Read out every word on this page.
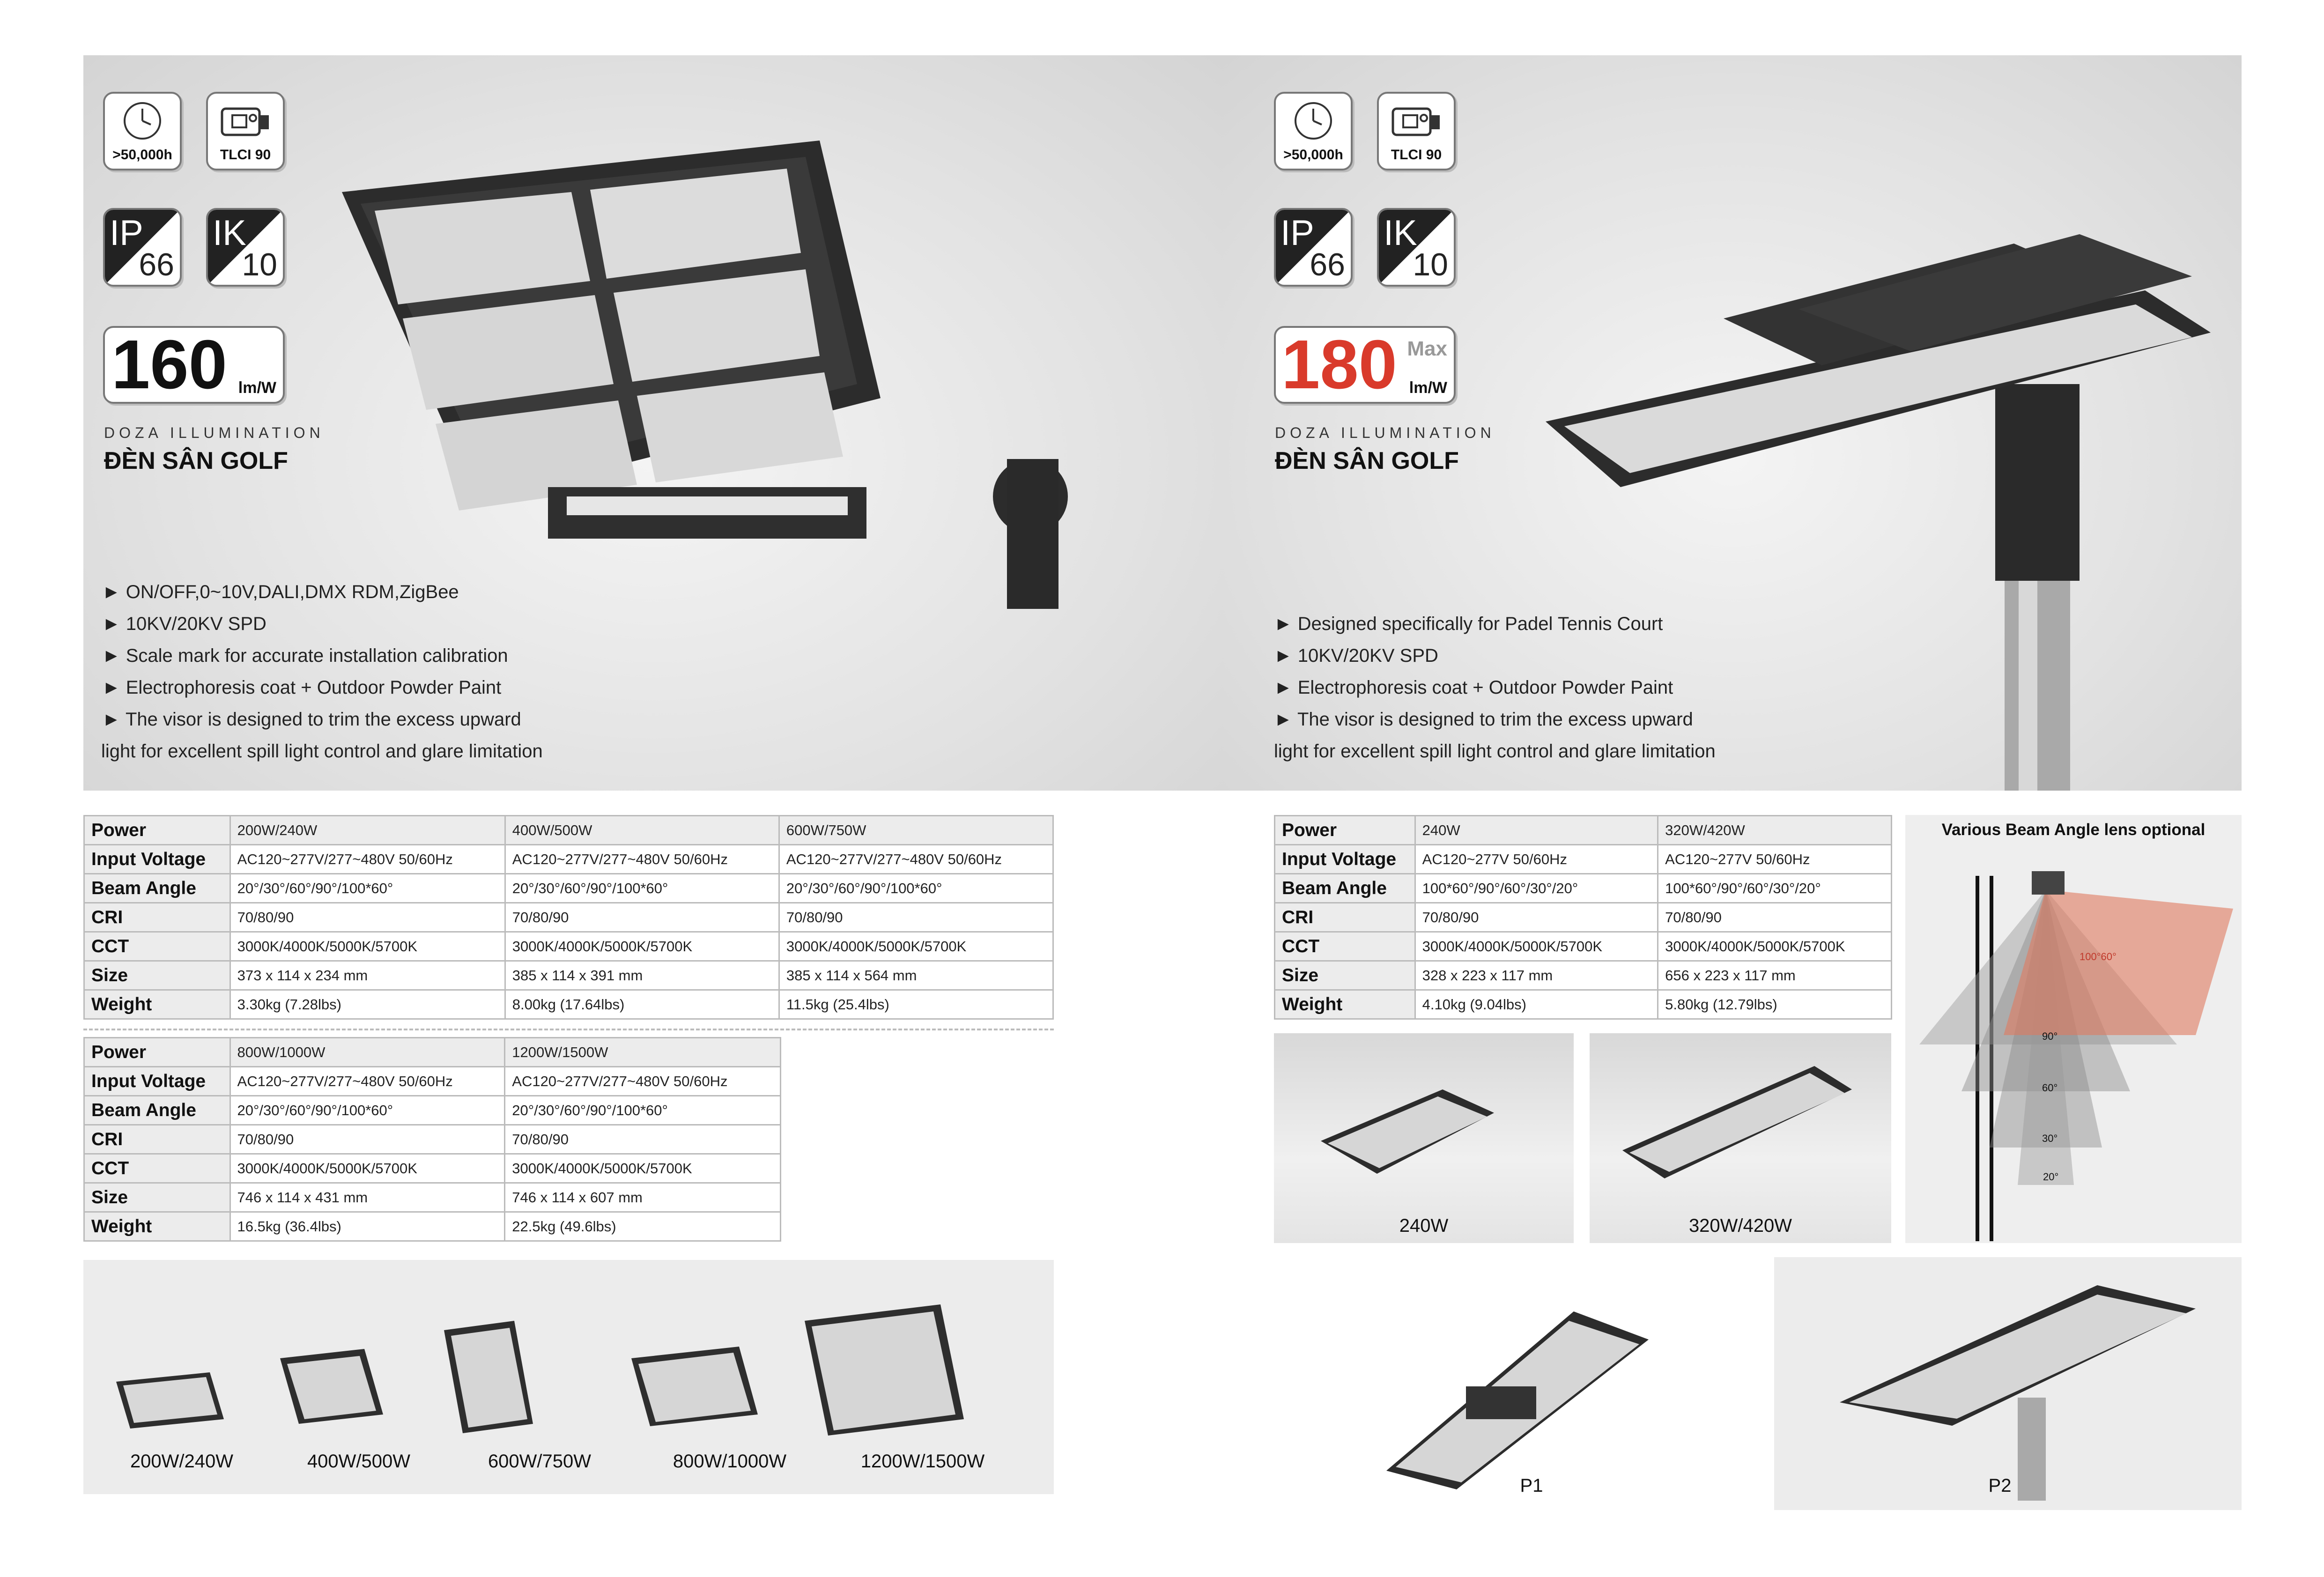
>50,000h	TLCI 90
IP
66
IK
10
160 lm/W
DOZA ILLUMINATION
ĐÈN SÂN GOLF
► ON/OFF,0~10V,DALI,DMX RDM,ZigBee
► 10KV/20KV SPD
► Scale mark for accurate installation calibration
► Electrophoresis coat + Outdoor Powder Paint
► The visor is designed to trim the excess upward
light for excellent spill light control and glare limitation
Power	200W/240W	400W/500W	600W/750W
Input Voltage	AC120~277V/277~480V 50/60Hz	AC120~277V/277~480V 50/60Hz	AC120~277V/277~480V 50/60Hz
Beam Angle	20°/30°/60°/90°/100*60°	20°/30°/60°/90°/100*60°	20°/30°/60°/90°/100*60°
CRI	70/80/90	70/80/90	70/80/90
CCT	3000K/4000K/5000K/5700K	3000K/4000K/5000K/5700K	3000K/4000K/5000K/5700K
Size	373 x 114 x 234 mm	385 x 114 x 391 mm	385 x 114 x 564 mm
Weight	3.30kg (7.28lbs)	8.00kg (17.64lbs)	11.5kg (25.4lbs)
Power	800W/1000W	1200W/1500W
Input Voltage	AC120~277V/277~480V 50/60Hz	AC120~277V/277~480V 50/60Hz
Beam Angle	20°/30°/60°/90°/100*60°	20°/30°/60°/90°/100*60°
CRI	70/80/90	70/80/90
CCT	3000K/4000K/5000K/5700K	3000K/4000K/5000K/5700K
Size	746 x 114 x 431 mm	746 x 114 x 607 mm
Weight	16.5kg (36.4lbs)	22.5kg (49.6lbs)
200W/240W	400W/500W	600W/750W	800W/1000W	1200W/1500W
>50,000h	TLCI 90
IP
66
IK
10
180 Max
lm/W
DOZA ILLUMINATION
ĐÈN SÂN GOLF
► Designed specifically for Padel Tennis Court
► 10KV/20KV SPD
► Electrophoresis coat + Outdoor Powder Paint
► The visor is designed to trim the excess upward
light for excellent spill light control and glare limitation
Power	240W	320W/420W
Input Voltage	AC120~277V 50/60Hz	AC120~277V 50/60Hz
Beam Angle	100*60°/90°/60°/30°/20°	100*60°/90°/60°/30°/20°
CRI	70/80/90	70/80/90
CCT	3000K/4000K/5000K/5700K	3000K/4000K/5000K/5700K
Size	328 x 223 x 117 mm	656 x 223 x 117 mm
Weight	4.10kg (9.04lbs)	5.80kg (12.79lbs)
Various Beam Angle lens optional
100°60°
90°
60°
30°
20°
240W	320W/420W
P1	P2
